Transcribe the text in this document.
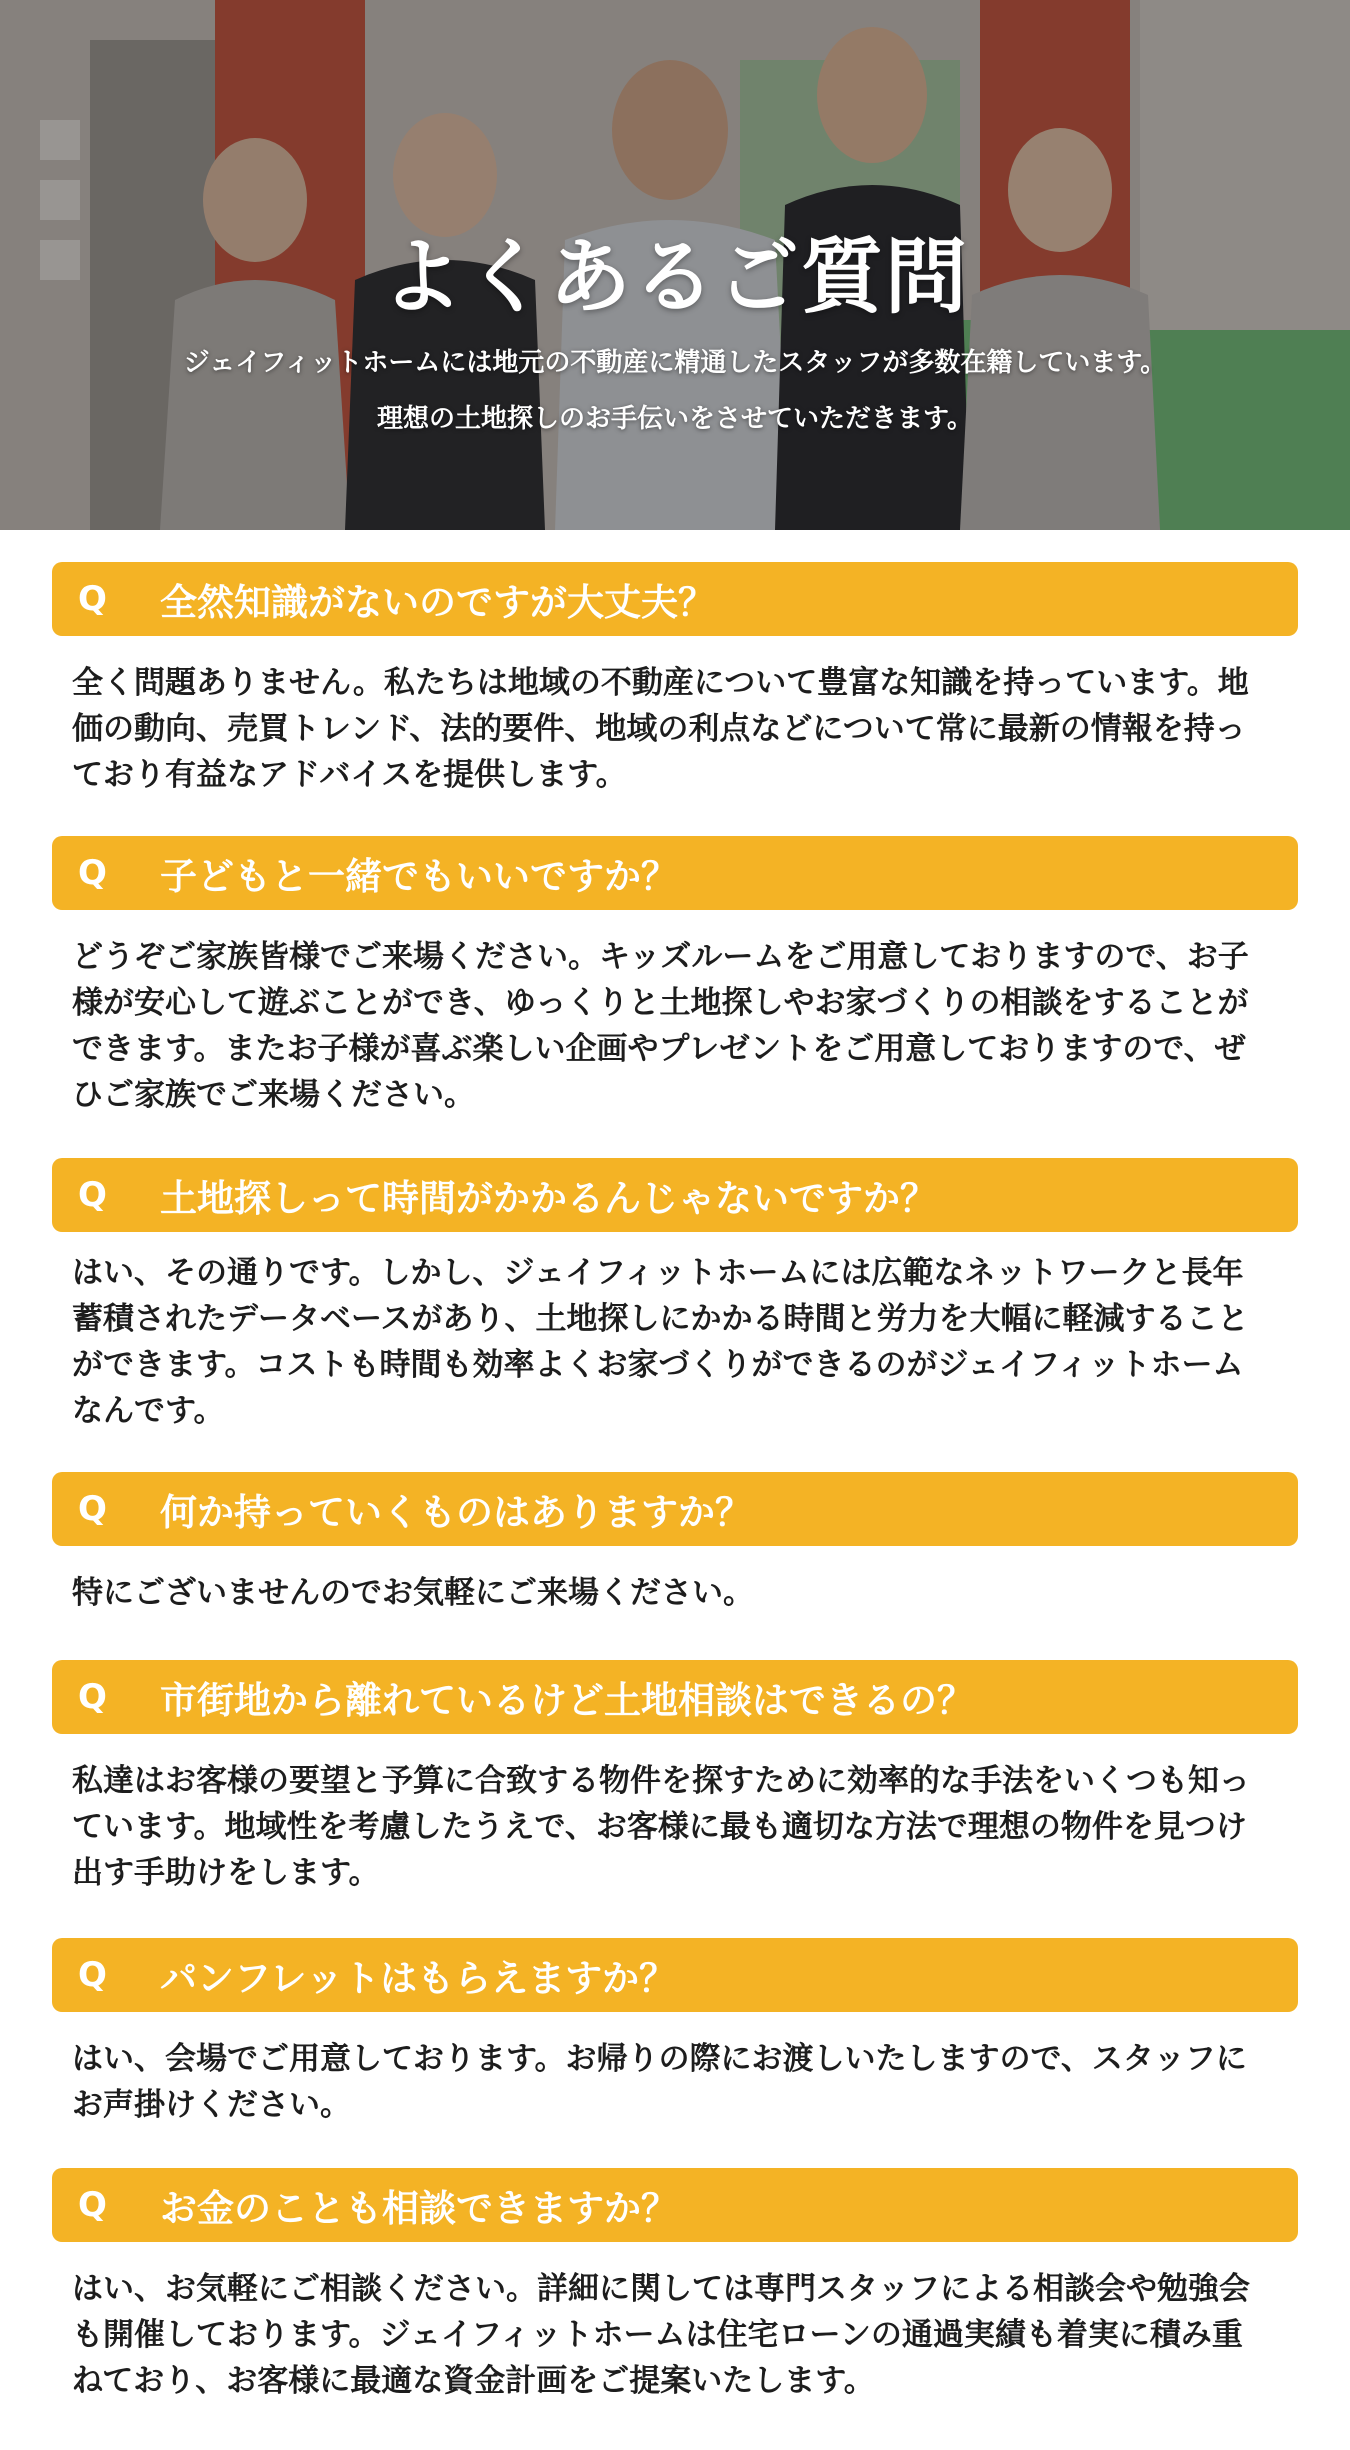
よくあるご質問

ジェイフィットホームには地元の不動産に精通したスタッフが多数在籍しています。

理想の土地探しのお手伝いをさせていただきます。

Q	全然知識がないのですが大丈夫？

全く問題ありません。私たちは地域の不動産について豊富な知識を持っています。地価の動向、売買トレンド、法的要件、地域の利点などについて常に最新の情報を持っており有益なアドバイスを提供します。

Q	子どもと一緒でもいいですか？

どうぞご家族皆様でご来場ください。キッズルームをご用意しておりますので、お子様が安心して遊ぶことができ、ゆっくりと土地探しやお家づくりの相談をすることができます。またお子様が喜ぶ楽しい企画やプレゼントをご用意しておりますので、ぜひご家族でご来場ください。

Q	土地探しって時間がかかるんじゃないですか？

はい、その通りです。しかし、ジェイフィットホームには広範なネットワークと長年蓄積されたデータベースがあり、土地探しにかかる時間と労力を大幅に軽減することができます。コストも時間も効率よくお家づくりができるのがジェイフィットホームなんです。

Q	何か持っていくものはありますか？

特にございませんのでお気軽にご来場ください。

Q	市街地から離れているけど土地相談はできるの？

私達はお客様の要望と予算に合致する物件を探すために効率的な手法をいくつも知っています。地域性を考慮したうえで、お客様に最も適切な方法で理想の物件を見つけ出す手助けをします。

Q	パンフレットはもらえますか？

はい、会場でご用意しております。お帰りの際にお渡しいたしますので、スタッフにお声掛けください。

Q	お金のことも相談できますか？

はい、お気軽にご相談ください。詳細に関しては専門スタッフによる相談会や勉強会も開催しております。ジェイフィットホームは住宅ローンの通過実績も着実に積み重ねており、お客様に最適な資金計画をご提案いたします。
